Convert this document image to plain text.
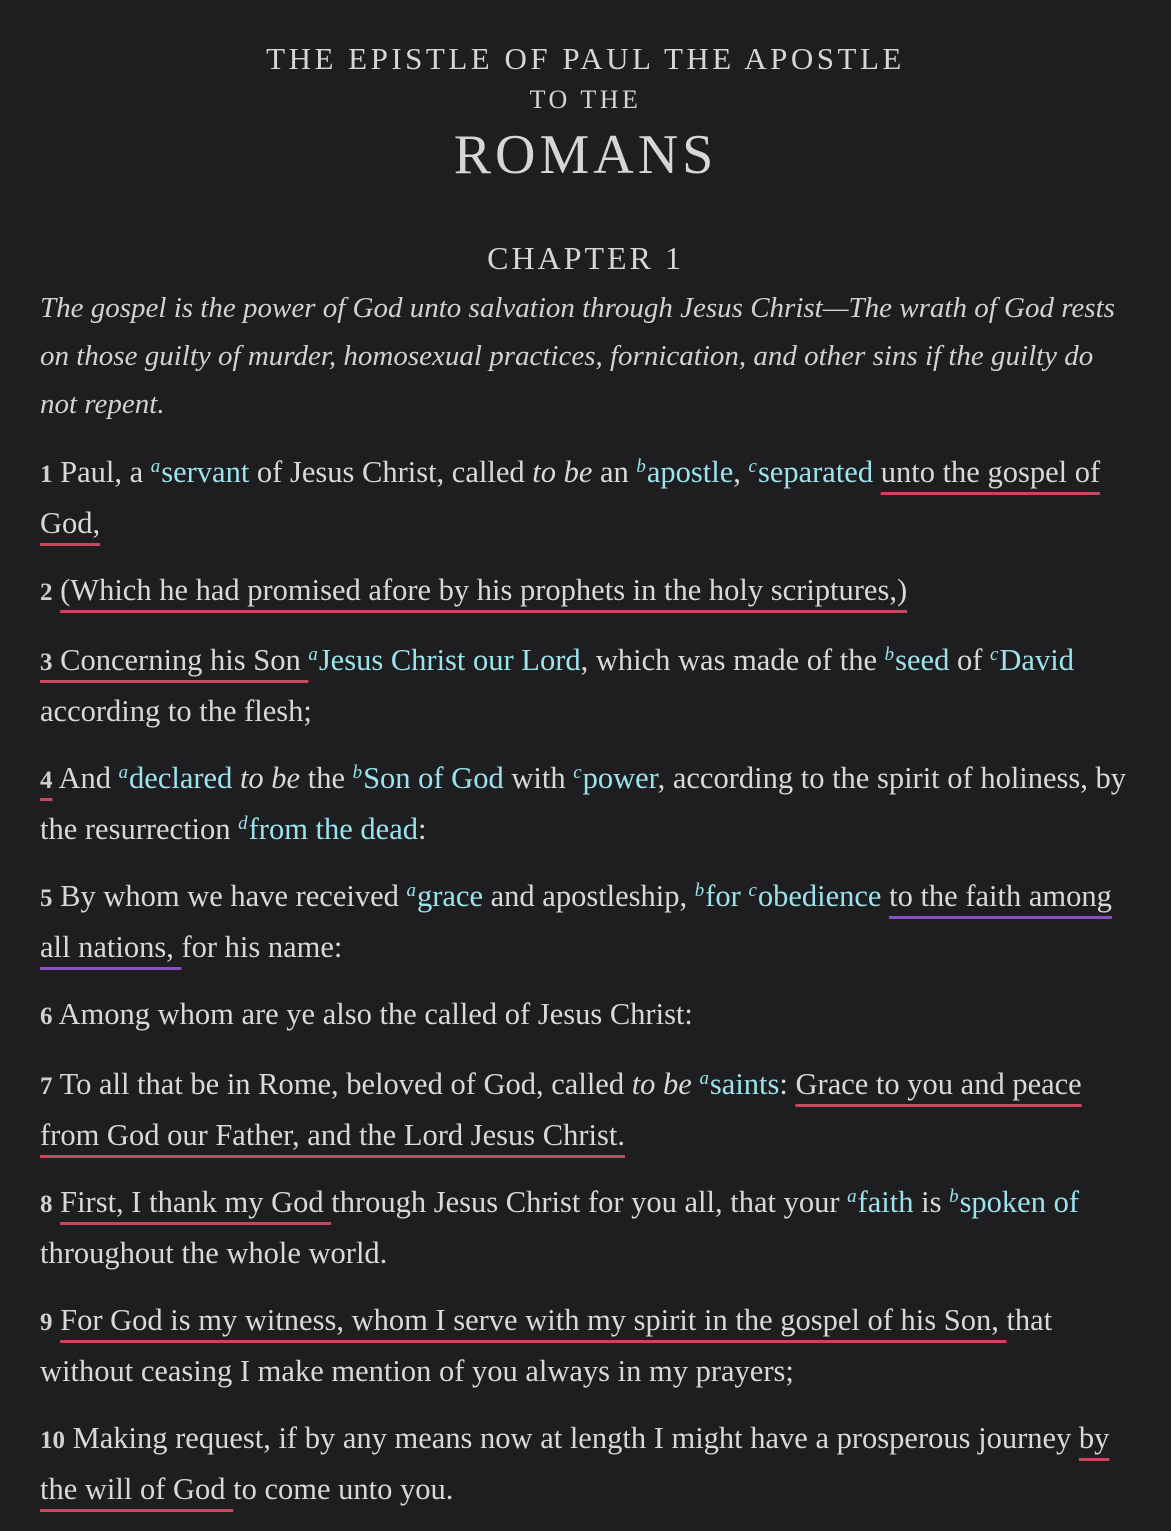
THE EPISTLE OF PAUL THE APOSTLE
TO THE
ROMANS
CHAPTER 1
The gospel is the power of God unto salvation through Jesus Christ—The wrath of God rests on those guilty of murder, homosexual practices, fornication, and other sins if the guilty do not repent.
1 Paul, a $^a$servant of Jesus Christ, called to be an $^b$apostle, $^c$separated unto the gospel of God,
2 (Which he had promised afore by his prophets in the holy scriptures,)
3 Concerning his Son $^a$Jesus Christ our Lord, which was made of the $^b$seed of $^c$David according to the flesh;
4 And $^a$declared to be the $^b$Son of God with $^c$power, according to the spirit of holiness, by the resurrection $^d$from the dead:
5 By whom we have received $^a$grace and apostleship, $^b$for $^c$obedience to the faith among all nations, for his name:
6 Among whom are ye also the called of Jesus Christ:
7 To all that be in Rome, beloved of God, called to be $^a$saints: Grace to you and peace from God our Father, and the Lord Jesus Christ.
8 First, I thank my God through Jesus Christ for you all, that your $^a$faith is $^b$spoken of throughout the whole world.
9 For God is my witness, whom I serve with my spirit in the gospel of his Son, that without ceasing I make mention of you always in my prayers;
10 Making request, if by any means now at length I might have a prosperous journey by the will of God to come unto you.
